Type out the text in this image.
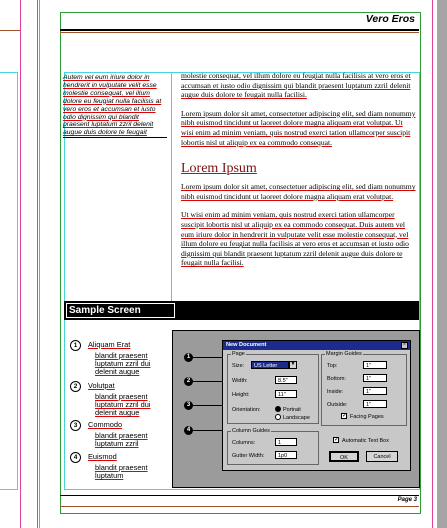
Vero Eros
Autem vel eum iriure dolor in hendrerit in vulputate velit esse molestie consequat, vel illum dolore eu feugiat nulla facilisis at vero eros et accumsan et iusto odio dignissim qui blandit praesent luptatum zzril delenit augue duis dolore te feugait
molestie consequat, vel illum dolore eu feugiat nulla facilisis at vero eros et accumsan et iusto odio dignissim qui blandit praesent luptatum zzril delenit augue duis dolore te feugait nulla facilisi.
Lorem ipsum dolor sit amet, consectetuer adipiscing elit, sed diam nonummy nibh euismod tincidunt ut laoreet dolore magna aliquam erat volutpat. Ut wisi enim ad minim veniam, quis nostrud exerci tation ullamcorper suscipit lobortis nisl ut aliquip ex ea commodo consequat.
Lorem Ipsum
Lorem ipsum dolor sit amet, consectetuer adipiscing elit, sed diam nonummy nibh euismod tincidunt ut laoreet dolore magna aliquam erat volutpat.
Ut wisi enim ad minim veniam, quis nostrud exerci tation ullamcorper suscipit lobortis nisl ut aliquip ex ea commodo consequat. Duis autem vel eum iriure dolor in hendrerit in vulputate velit esse molestie consequat, vel illum dolore eu feugiat nulla facilisis at vero eros et accumsan et iusto odio dignissim qui blandit praesent luptatum zzril delenit augue duis dolore te feugait nulla facilisi.
Sample Screen
1 Aliquam Erat
blandit praesent luptatum zzril dui delenit augue
2 Volutpat
blandit praesent luptatum zzril dui delenit augue
3 Commodo
blandit praesent luptatum zzril
4 Euismod
blandit praesent luptatum
1
2
3
4
New Document	×
Page
Size:	US Letter	▼
Width:	8.5"
Height:	11"
Orientation:	Portrait
Landscape
Column Guides
Columns:	1
Gutter Width:	1p0
Margin Guides
Top:	1"
Bottom:	1"
Inside:	1"
Outside:	1"
✓ Facing Pages
✓ Automatic Text Box
OK	Cancel
Page 3
